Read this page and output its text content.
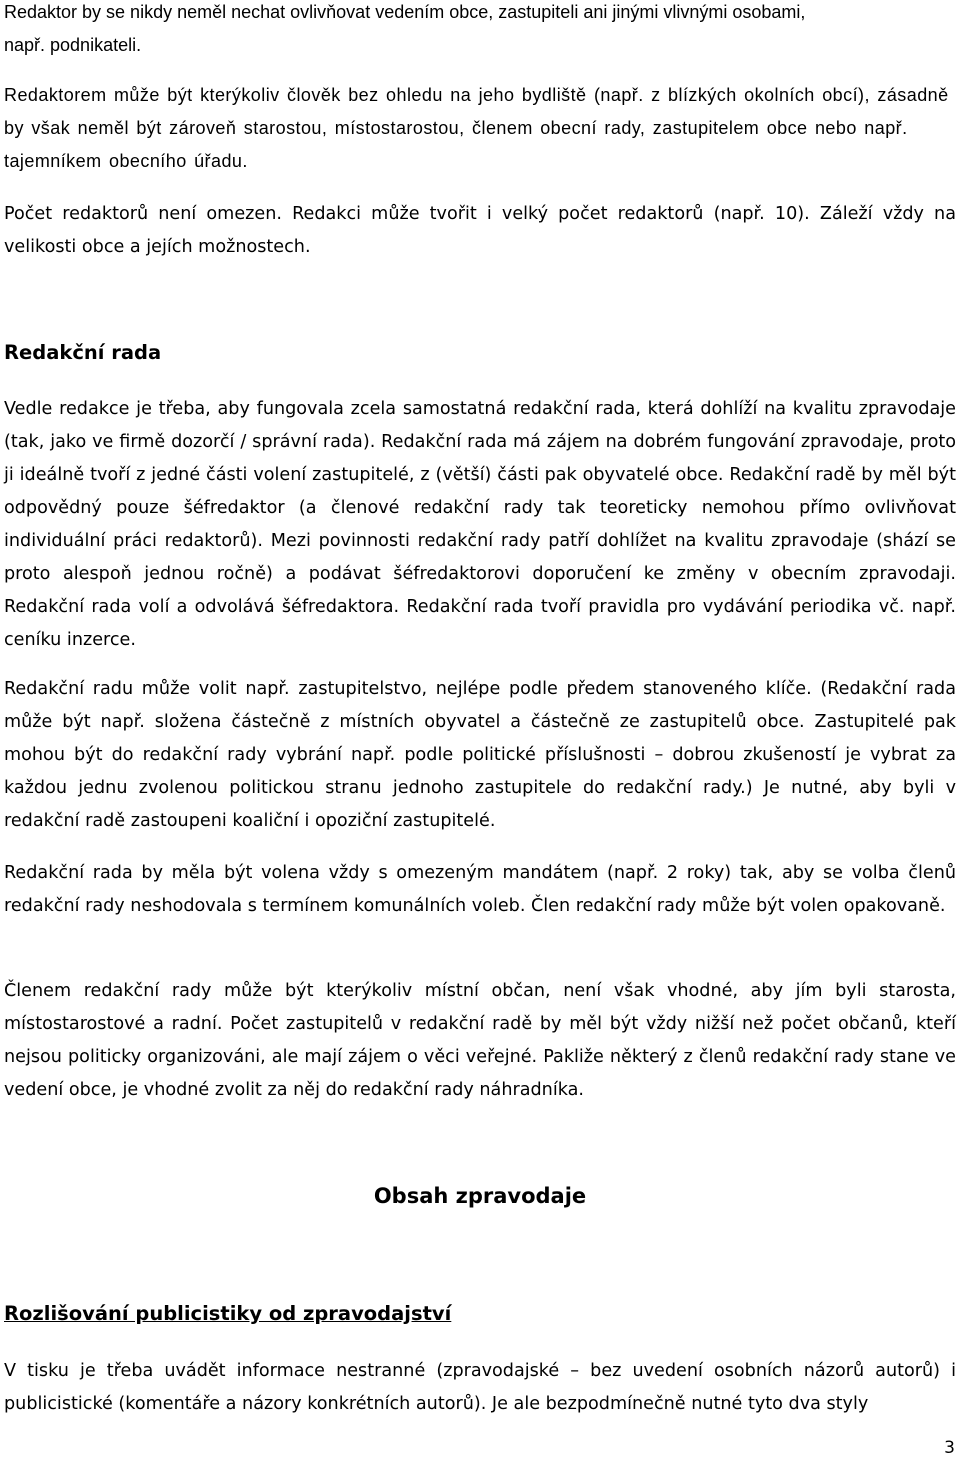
Redaktor by se nikdy neměl nechat ovlivňovat vedením obce, zastupiteli ani jinými vlivnými osobami,
např. podnikateli.

Redaktorem může být kterýkoliv člověk bez ohledu na jeho bydliště (např. z blízkých okolních obcí), zásadně by však neměl být zároveň starostou, místostarostou, členem obecní rady, zastupitelem obce nebo např. tajemníkem obecního úřadu.

Počet redaktorů není omezen. Redakci může tvořit i velký počet redaktorů (např. 10). Záleží vždy na velikosti obce a jejích možnostech.

Redakční rada

Vedle redakce je třeba, aby fungovala zcela samostatná redakční rada, která dohlíží na kvalitu zpravodaje (tak, jako ve firmě dozorčí / správní rada). Redakční rada má zájem na dobrém fungování zpravodaje, proto ji ideálně tvoří z jedné části volení zastupitelé, z (větší) části pak obyvatelé obce. Redakční radě by měl být odpovědný pouze šéfredaktor (a členové redakční rady tak teoreticky nemohou přímo ovlivňovat individuální práci redaktorů). Mezi povinnosti redakční rady patří dohlížet na kvalitu zpravodaje (shází se proto alespoň jednou ročně) a podávat šéfredaktorovi doporučení ke změny v obecním zpravodaji. Redakční rada volí a odvolává šéfredaktora. Redakční rada tvoří pravidla pro vydávání periodika vč. např. ceníku inzerce.

Redakční radu může volit např. zastupitelstvo, nejlépe podle předem stanoveného klíče. (Redakční rada může být např. složena částečně z místních obyvatel a částečně ze zastupitelů obce. Zastupitelé pak mohou být do redakční rady vybrání např. podle politické příslušnosti – dobrou zkušeností je vybrat za každou jednu zvolenou politickou stranu jednoho zastupitele do redakční rady.) Je nutné, aby byli v redakční radě zastoupeni koaliční i opoziční zastupitelé.

Redakční rada by měla být volena vždy s omezeným mandátem (např. 2 roky) tak, aby se volba členů redakční rady neshodovala s termínem komunálních voleb. Člen redakční rady může být volen opakovaně.

Členem redakční rady může být kterýkoliv místní občan, není však vhodné, aby jím byli starosta, místostarostové a radní. Počet zastupitelů v redakční radě by měl být vždy nižší než počet občanů, kteří nejsou politicky organizováni, ale mají zájem o věci veřejné. Pakliže některý z členů redakční rady stane ve vedení obce, je vhodné zvolit za něj do redakční rady náhradníka.

Obsah zpravodaje
Rozlišování publicistiky od zpravodajství

V tisku je třeba uvádět informace nestranné (zpravodajské – bez uvedení osobních názorů autorů) i publicistické (komentáře a názory konkrétních autorů). Je ale bezpodmínečně nutné tyto dva styly

3
